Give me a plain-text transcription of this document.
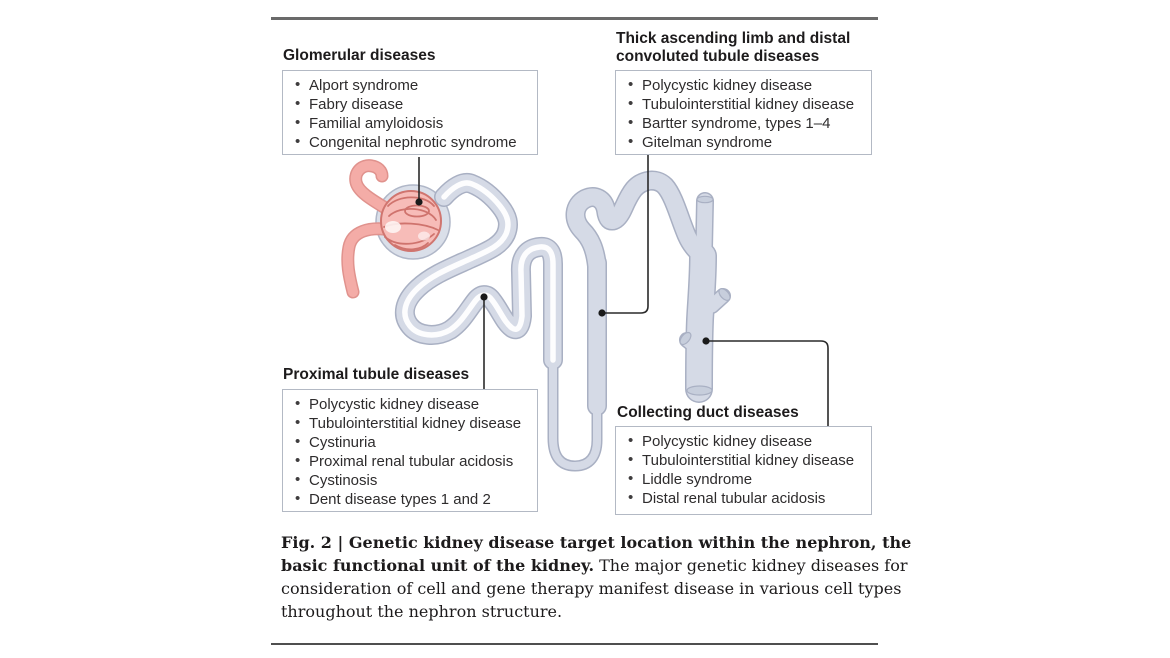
Glomerular diseases
Thick ascending limb and distal convoluted tubule diseases
Proximal tubule diseases
Collecting duct diseases
• Alport syndrome
• Fabry disease
• Familial amyloidosis
• Congenital nephrotic syndrome
• Polycystic kidney disease
• Tubulointerstitial kidney disease
• Bartter syndrome, types 1–4
• Gitelman syndrome
• Polycystic kidney disease
• Tubulointerstitial kidney disease
• Cystinuria
• Proximal renal tubular acidosis
• Cystinosis
• Dent disease types 1 and 2
• Polycystic kidney disease
• Tubulointerstitial kidney disease
• Liddle syndrome
• Distal renal tubular acidosis
Fig. 2 | Genetic kidney disease target location within the nephron, the
basic functional unit of the kidney. The major genetic kidney diseases for
consideration of cell and gene therapy manifest disease in various cell types
throughout the nephron structure.
